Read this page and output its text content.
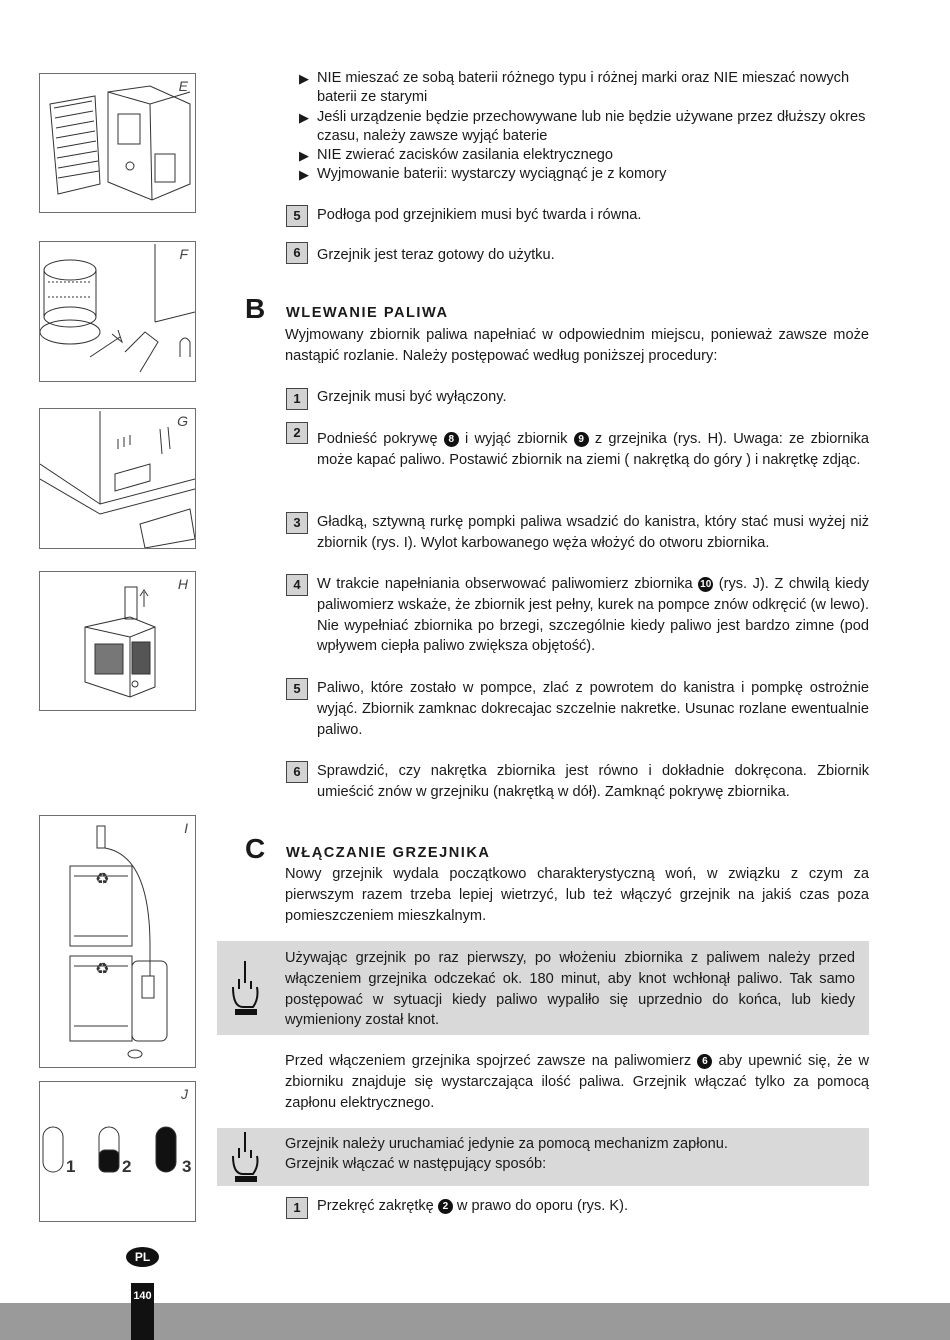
E
F
G
H
I
♻
♻
J
1	2	3
▶ NIE mieszać ze sobą baterii różnego typu i różnej marki oraz NIE mieszać nowych baterii ze starymi
▶ Jeśli urządzenie będzie przechowywane lub nie będzie używane przez dłuższy okres czasu, należy zawsze wyjąć baterie
▶ NIE zwierać zacisków zasilania elektrycznego
▶ Wyjmowanie baterii: wystarczy wyciągnąć je z komory
5	Podłoga pod grzejnikiem musi być twarda i równa.
6	Grzejnik jest teraz gotowy do użytku.
B WLEWANIE PALIWA
Wyjmowany zbiornik paliwa napełniać w odpowiednim miejscu, ponieważ zawsze może nastąpić rozlanie. Należy postępować według poniższej procedury:
1	Grzejnik musi być wyłączony.
2	Podnieść pokrywę 8 i wyjąć zbiornik 9 z grzejnika (rys. H). Uwaga: ze zbiornika może kapać paliwo. Postawić zbiornik na ziemi ( nakrętką do góry ) i nakrętkę zdjąc.
3	Gładką, sztywną rurkę pompki paliwa wsadzić do kanistra, który stać musi wyżej niż zbiornik (rys. I). Wylot karbowanego węża włożyć do otworu zbiornika.
4	W trakcie napełniania obserwować paliwomierz zbiornika 10 (rys. J). Z chwilą kiedy paliwomierz wskaże, że zbiornik jest pełny, kurek na pompce znów odkręcić (w lewo). Nie wypełniać zbiornika po brzegi, szczególnie kiedy paliwo jest bardzo zimne (pod wpływem ciepła paliwo zwiększa objętość).
5	Paliwo, które zostało w pompce, zlać z powrotem do kanistra i pompkę ostrożnie wyjąć. Zbiornik zamknac dokrecajac szczelnie nakretke. Usunac rozlane ewentualnie paliwo.
6	Sprawdzić, czy nakrętka zbiornika jest równo i dokładnie dokręcona. Zbiornik umieścić znów w grzejniku (nakrętką w dół). Zamknąć pokrywę zbiornika.
C WŁĄCZANIE GRZEJNIKA
Nowy grzejnik wydala początkowo charakterystyczną woń, w związku z czym za pierwszym razem trzeba lepiej wietrzyć, lub też włączyć grzejnik na jakiś czas poza pomieszczeniem mieszkalnym.
Używając grzejnik po raz pierwszy, po włożeniu zbiornika z paliwem należy przed włączeniem grzejnika odczekać ok. 180 minut, aby knot wchłonął paliwo. Tak samo postępować w sytuacji kiedy paliwo wypaliło się uprzednio do końca, lub kiedy wymieniony został knot.
Przed włączeniem grzejnika spojrzeć zawsze na paliwomierz 6 aby upewnić się, że w zbiorniku znajduje się wystarczająca ilość paliwa. Grzejnik włączać tylko za pomocą zapłonu elektrycznego.
Grzejnik należy uruchamiać jedynie za pomocą mechanizm zapłonu.
Grzejnik włączać w następujący sposób:
1	Przekręć zakrętkę 2 w prawo do oporu (rys. K).
PL
140
